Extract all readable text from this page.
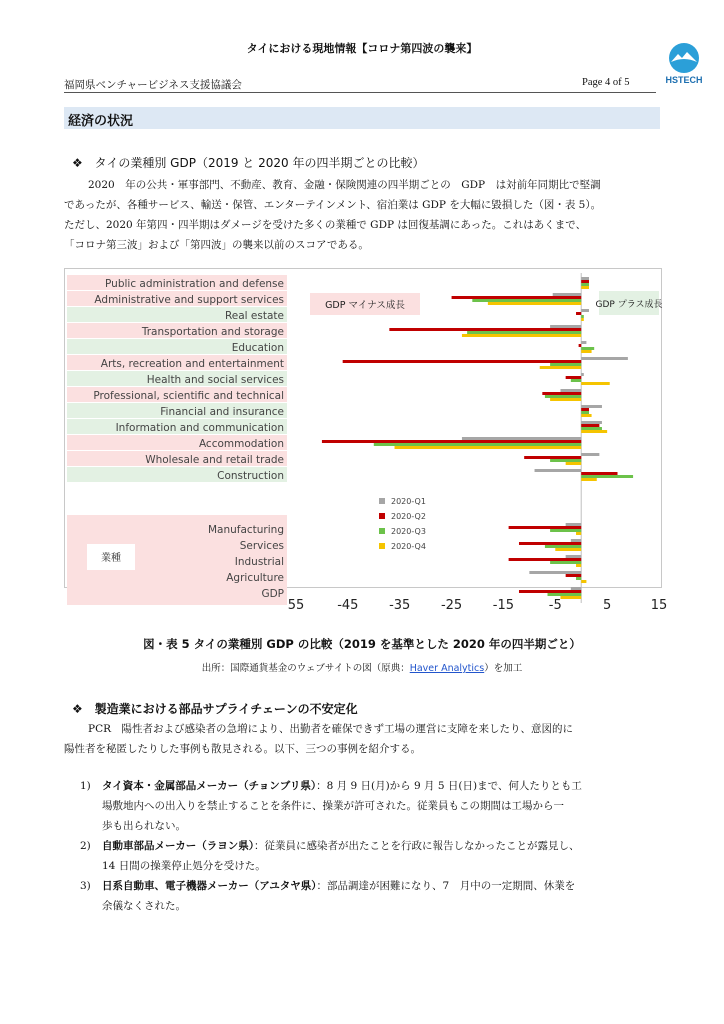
タイにおける現地情報【コロナ第四波の襲来】
福岡県ベンチャービジネス支援協議会	Page 4 of 5	HSTECH
経済の状況
❖ タイの業種別 GDP（2019 と 2020 年の四半期ごとの比較）
2020　年の公共・軍事部門、不動産、教育、金融・保険関連の四半期ごとの　GDP　は対前年同期比で堅調
であったが、各種サービス、輸送・保管、エンターテインメント、宿泊業は GDP を大幅に毀損した（図・表 5）。
ただし、2020 年第四・四半期はダメージを受けた多くの業種で GDP は回復基調にあった。これはあくまで、
「コロナ第三波」および「第四波」の襲来以前のスコアである。
Public administration and defense
Administrative and support services
Real estate
Transportation and storage
Education
Arts, recreation and entertainment
Health and social services
Professional, scientific and technical
Financial and insurance
Information and communication
Accommodation
Wholesale and retail trade
Construction
Manufacturing
Services
Industrial
Agriculture
GDP
GDP マイナス成長	GDP プラス成長
業種
2020-Q1
2020-Q2
2020-Q3
2020-Q4
図・表 5 タイの業種別 GDP の比較（2019 を基準とした 2020 年の四半期ごと）
出所：国際通貨基金のウェブサイトの図（原典：Haver Analytics）を加工
❖ 製造業における部品サプライチェーンの不安定化
PCR　陽性者および感染者の急増により、出勤者を確保できず工場の運営に支障を来したり、意図的に
陽性者を秘匿したりした事例も散見される。以下、三つの事例を紹介する。
1) タイ資本・金属部品メーカー（チョンブリ県）：8 月 9 日(月)から 9 月 5 日(日)まで、何人たりとも工
場敷地内への出入りを禁止することを条件に、操業が許可された。従業員もこの期間は工場から一
歩も出られない。
2) 自動車部品メーカー（ラヨン県）：従業員に感染者が出たことを行政に報告しなかったことが露見し、
14 日間の操業停止処分を受けた。
3) 日系自動車、電子機器メーカー（アユタヤ県）：部品調達が困難になり、7　月中の一定期間、休業を
余儀なくされた。
55	-45	-35	-25	-15	-5	5	15
